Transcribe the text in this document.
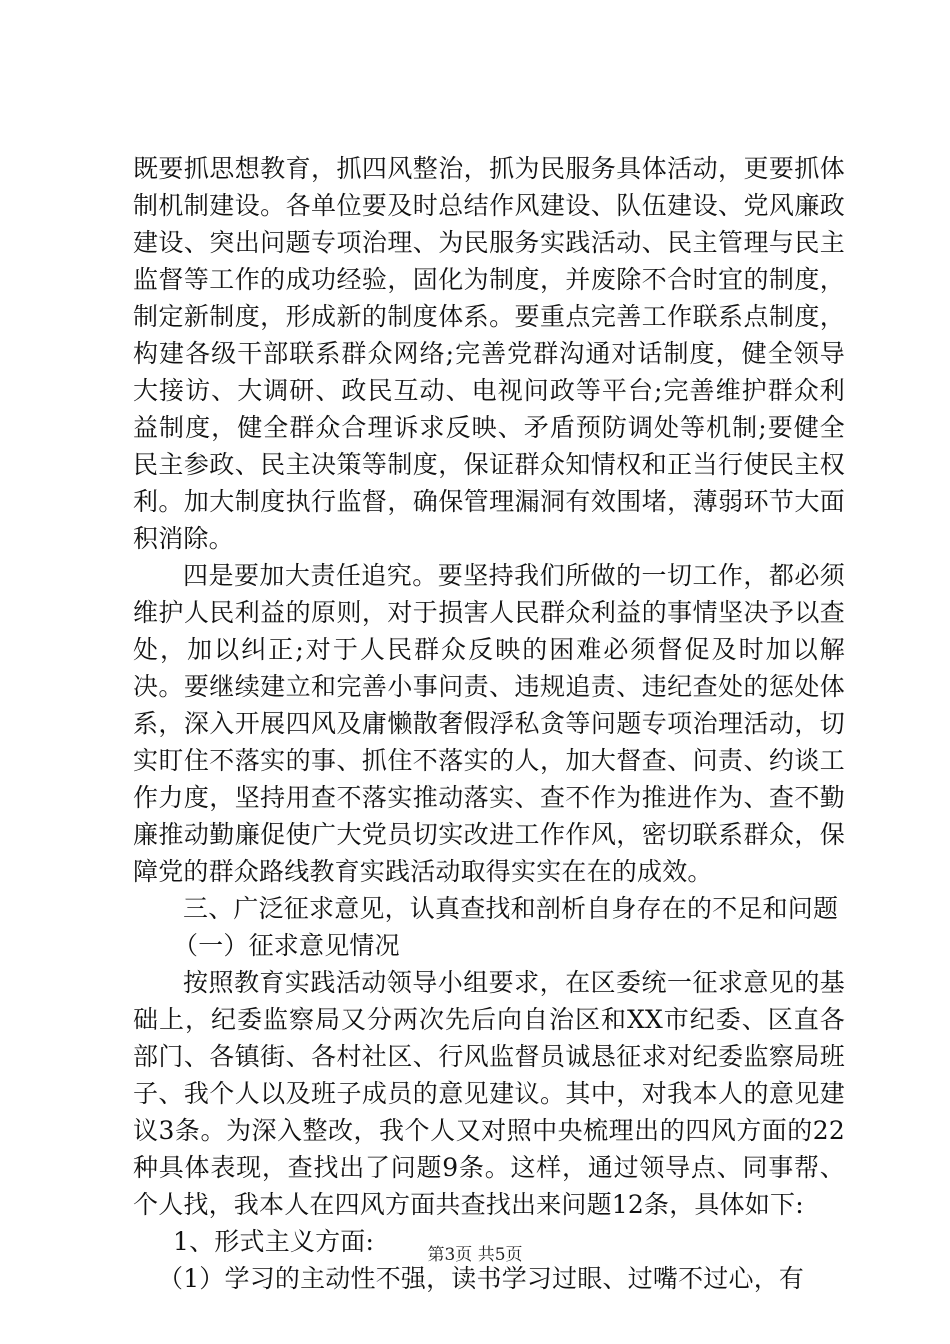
既要抓思想教育，抓四风整治，抓为民服务具体活动，更要抓体制机制建设。各单位要及时总结作风建设、队伍建设、党风廉政建设、突出问题专项治理、为民服务实践活动、民主管理与民主监督等工作的成功经验，固化为制度，并废除不合时宜的制度，制定新制度，形成新的制度体系。要重点完善工作联系点制度，构建各级干部联系群众网络;完善党群沟通对话制度，健全领导大接访、大调研、政民互动、电视问政等平台;完善维护群众利益制度，健全群众合理诉求反映、矛盾预防调处等机制;要健全民主参政、民主决策等制度，保证群众知情权和正当行使民主权利。加大制度执行监督，确保管理漏洞有效围堵，薄弱环节大面积消除。

四是要加大责任追究。要坚持我们所做的一切工作，都必须维护人民利益的原则，对于损害人民群众利益的事情坚决予以查处，加以纠正;对于人民群众反映的困难必须督促及时加以解决。要继续建立和完善小事问责、违规追责、违纪查处的惩处体系，深入开展四风及庸懒散奢假浮私贪等问题专项治理活动，切实盯住不落实的事、抓住不落实的人，加大督查、问责、约谈工作力度，坚持用查不落实推动落实、查不作为推进作为、查不勤廉推动勤廉促使广大党员切实改进工作作风，密切联系群众，保障党的群众路线教育实践活动取得实实在在的成效。

三、广泛征求意见，认真查找和剖析自身存在的不足和问题

（一）征求意见情况

按照教育实践活动领导小组要求，在区委统一征求意见的基础上，纪委监察局又分两次先后向自治区和XX市纪委、区直各部门、各镇街、各村社区、行风监督员诚恳征求对纪委监察局班子、我个人以及班子成员的意见建议。其中，对我本人的意见建议3条。为深入整改，我个人又对照中央梳理出的四风方面的22种具体表现，查找出了问题9条。这样，通过领导点、同事帮、个人找，我本人在四风方面共查找出来问题12条，具体如下:

1、形式主义方面:

（1）学习的主动性不强，读书学习过眼、过嘴不过心，有

第3页 共5页
